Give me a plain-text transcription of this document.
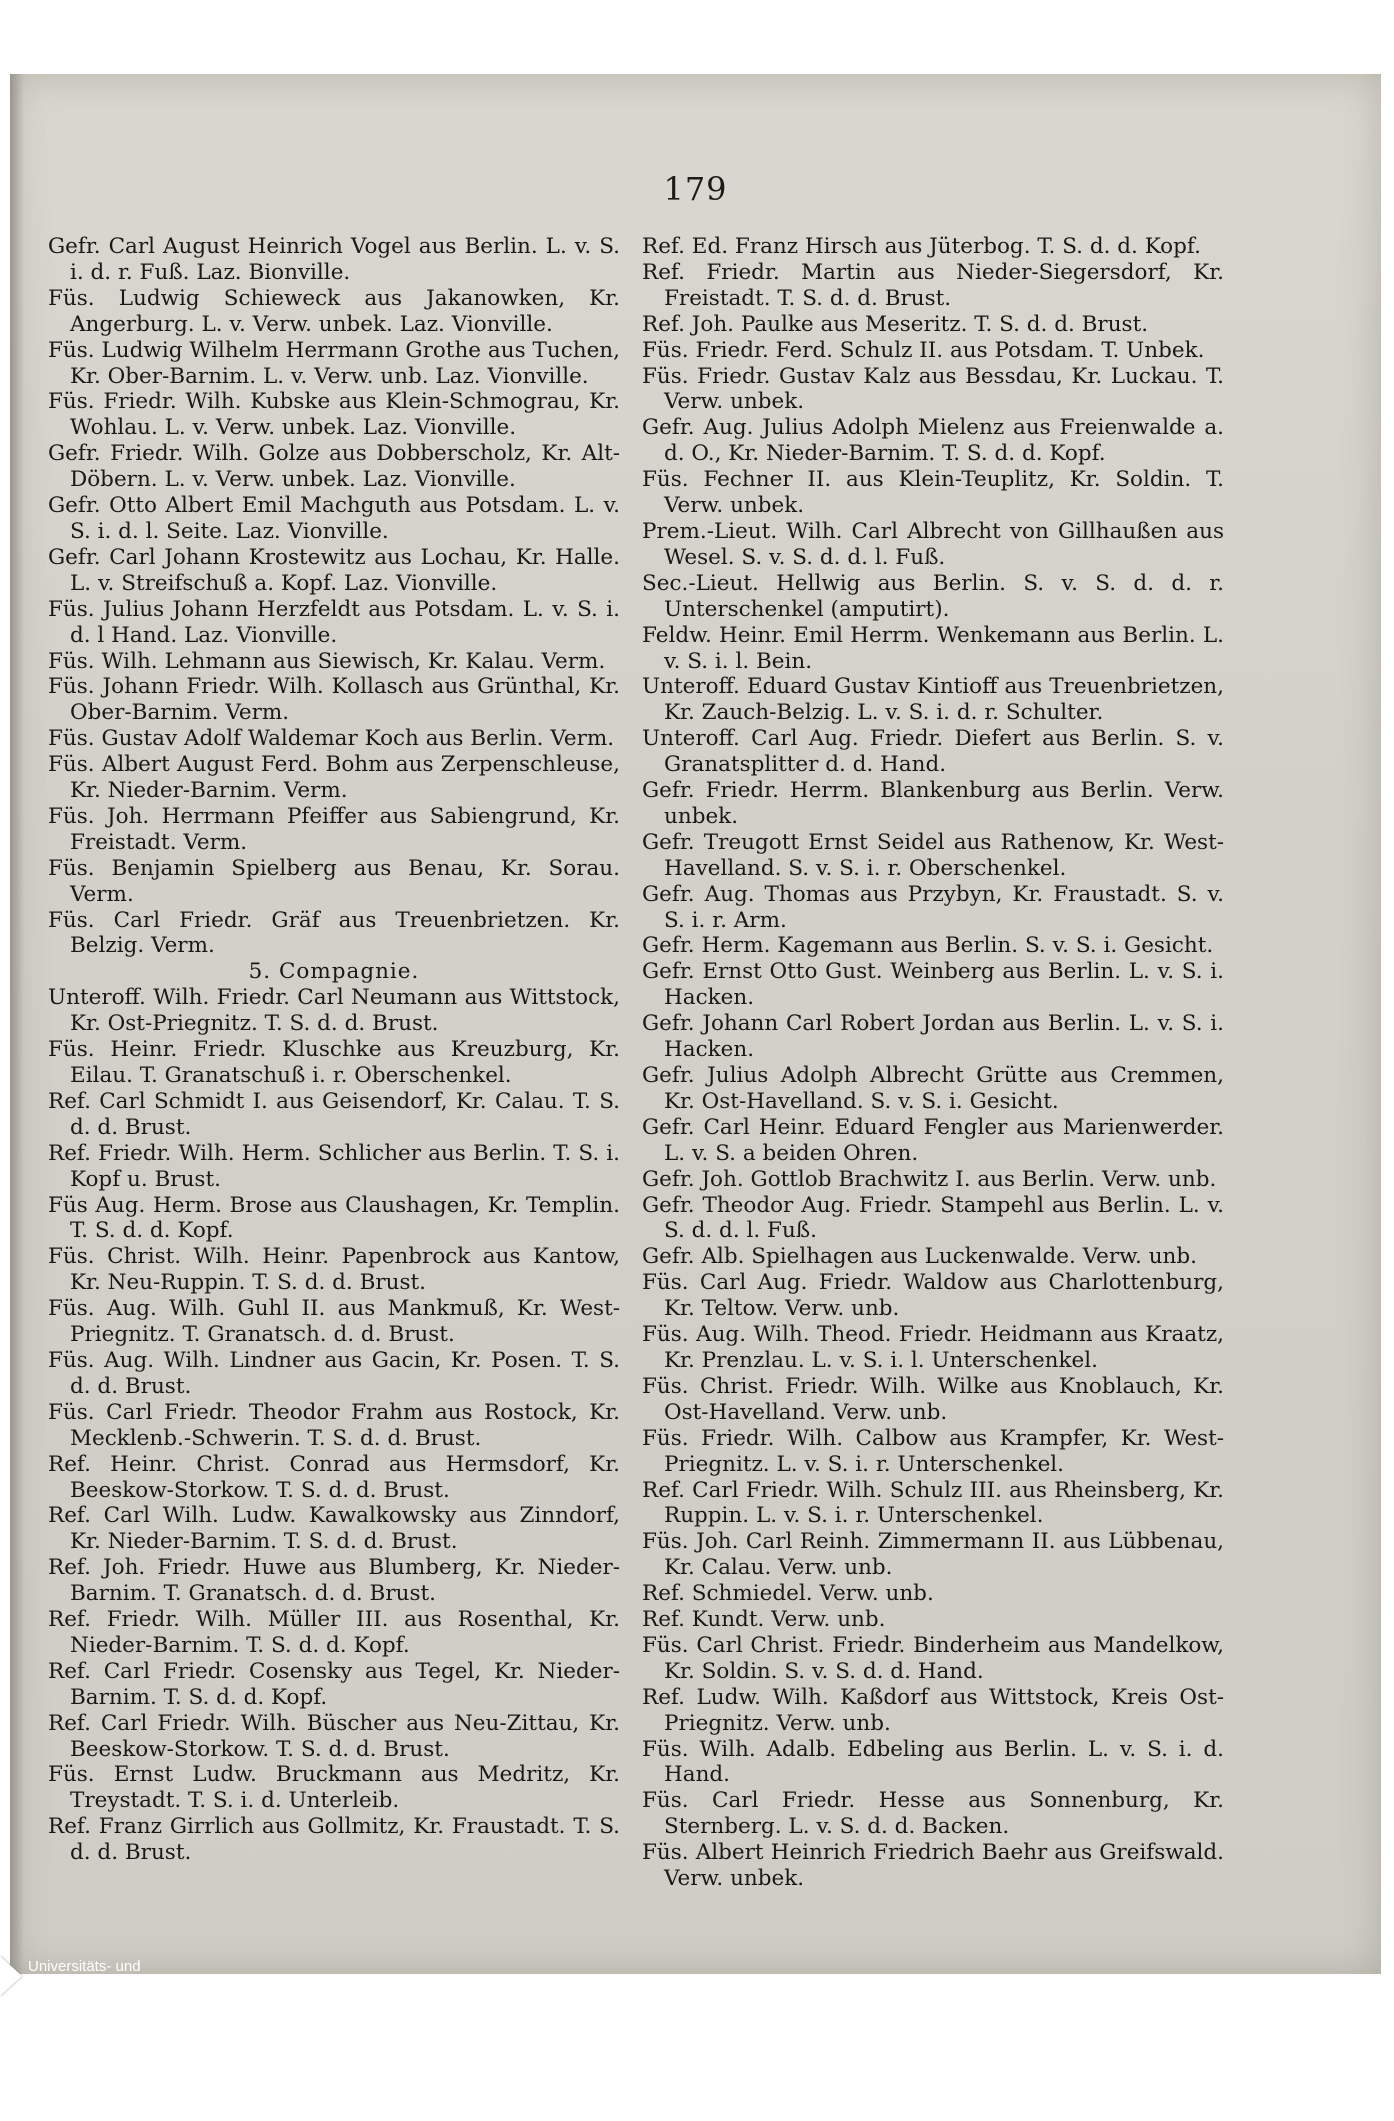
179

Gefr. Carl August Heinrich Vogel aus Berlin. L. v. S. i. d. r. Fuß. Laz. Bionville.

Füs. Ludwig Schieweck aus Jakanowken, Kr. Angerburg. L. v. Verw. unbek. Laz. Vionville.

Füs. Ludwig Wilhelm Herrmann Grothe aus Tuchen, Kr. Ober-Barnim. L. v. Verw. unb. Laz. Vionville.

Füs. Friedr. Wilh. Kubske aus Klein-Schmograu, Kr. Wohlau. L. v. Verw. unbek. Laz. Vionville.

Gefr. Friedr. Wilh. Golze aus Dobberscholz, Kr. Alt-Döbern. L. v. Verw. unbek. Laz. Vionville.

Gefr. Otto Albert Emil Machguth aus Potsdam. L. v. S. i. d. l. Seite. Laz. Vionville.

Gefr. Carl Johann Krostewitz aus Lochau, Kr. Halle. L. v. Streifschuß a. Kopf. Laz. Vionville.

Füs. Julius Johann Herzfeldt aus Potsdam. L. v. S. i. d. l Hand. Laz. Vionville.

Füs. Wilh. Lehmann aus Siewisch, Kr. Kalau. Verm.

Füs. Johann Friedr. Wilh. Kollasch aus Grünthal, Kr. Ober-Barnim. Verm.

Füs. Gustav Adolf Waldemar Koch aus Berlin. Verm.

Füs. Albert August Ferd. Bohm aus Zerpenschleuse, Kr. Nieder-Barnim. Verm.

Füs. Joh. Herrmann Pfeiffer aus Sabiengrund, Kr. Freistadt. Verm.

Füs. Benjamin Spielberg aus Benau, Kr. Sorau. Verm.

Füs. Carl Friedr. Gräf aus Treuenbrietzen. Kr. Belzig. Verm.

5. Compagnie.

Unteroff. Wilh. Friedr. Carl Neumann aus Wittstock, Kr. Ost-Priegnitz. T. S. d. d. Brust.

Füs. Heinr. Friedr. Kluschke aus Kreuzburg, Kr. Eilau. T. Granatschuß i. r. Oberschenkel.

Ref. Carl Schmidt I. aus Geisendorf, Kr. Calau. T. S. d. d. Brust.

Ref. Friedr. Wilh. Herm. Schlicher aus Berlin. T. S. i. Kopf u. Brust.

Füs Aug. Herm. Brose aus Claushagen, Kr. Templin. T. S. d. d. Kopf.

Füs. Christ. Wilh. Heinr. Papenbrock aus Kantow, Kr. Neu-Ruppin. T. S. d. d. Brust.

Füs. Aug. Wilh. Guhl II. aus Mankmuß, Kr. West-Priegnitz. T. Granatsch. d. d. Brust.

Füs. Aug. Wilh. Lindner aus Gacin, Kr. Posen. T. S. d. d. Brust.

Füs. Carl Friedr. Theodor Frahm aus Rostock, Kr. Mecklenb.-Schwerin. T. S. d. d. Brust.

Ref. Heinr. Christ. Conrad aus Hermsdorf, Kr. Beeskow-Storkow. T. S. d. d. Brust.

Ref. Carl Wilh. Ludw. Kawalkowsky aus Zinndorf, Kr. Nieder-Barnim. T. S. d. d. Brust.

Ref. Joh. Friedr. Huwe aus Blumberg, Kr. Nieder-Barnim. T. Granatsch. d. d. Brust.

Ref. Friedr. Wilh. Müller III. aus Rosenthal, Kr. Nieder-Barnim. T. S. d. d. Kopf.

Ref. Carl Friedr. Cosensky aus Tegel, Kr. Nieder-Barnim. T. S. d. d. Kopf.

Ref. Carl Friedr. Wilh. Büscher aus Neu-Zittau, Kr. Beeskow-Storkow. T. S. d. d. Brust.

Füs. Ernst Ludw. Bruckmann aus Medritz, Kr. Treystadt. T. S. i. d. Unterleib.

Ref. Franz Girrlich aus Gollmitz, Kr. Fraustadt. T. S. d. d. Brust.

Ref. Ed. Franz Hirsch aus Jüterbog. T. S. d. d. Kopf.

Ref. Friedr. Martin aus Nieder-Siegersdorf, Kr. Freistadt. T. S. d. d. Brust.

Ref. Joh. Paulke aus Meseritz. T. S. d. d. Brust.

Füs. Friedr. Ferd. Schulz II. aus Potsdam. T. Unbek.

Füs. Friedr. Gustav Kalz aus Bessdau, Kr. Luckau. T. Verw. unbek.

Gefr. Aug. Julius Adolph Mielenz aus Freienwalde a. d. O., Kr. Nieder-Barnim. T. S. d. d. Kopf.

Füs. Fechner II. aus Klein-Teuplitz, Kr. Soldin. T. Verw. unbek.

Prem.-Lieut. Wilh. Carl Albrecht von Gillhaußen aus Wesel. S. v. S. d. d. l. Fuß.

Sec.-Lieut. Hellwig aus Berlin. S. v. S. d. d. r. Unterschenkel (amputirt).

Feldw. Heinr. Emil Herrm. Wenkemann aus Berlin. L. v. S. i. l. Bein.

Unteroff. Eduard Gustav Kintioff aus Treuenbrietzen, Kr. Zauch-Belzig. L. v. S. i. d. r. Schulter.

Unteroff. Carl Aug. Friedr. Diefert aus Berlin. S. v. Granatsplitter d. d. Hand.

Gefr. Friedr. Herrm. Blankenburg aus Berlin. Verw. unbek.

Gefr. Treugott Ernst Seidel aus Rathenow, Kr. West-Havelland. S. v. S. i. r. Oberschenkel.

Gefr. Aug. Thomas aus Przybyn, Kr. Fraustadt. S. v. S. i. r. Arm.

Gefr. Herm. Kagemann aus Berlin. S. v. S. i. Gesicht.

Gefr. Ernst Otto Gust. Weinberg aus Berlin. L. v. S. i. Hacken.

Gefr. Johann Carl Robert Jordan aus Berlin. L. v. S. i. Hacken.

Gefr. Julius Adolph Albrecht Grütte aus Cremmen, Kr. Ost-Havelland. S. v. S. i. Gesicht.

Gefr. Carl Heinr. Eduard Fengler aus Marienwerder. L. v. S. a beiden Ohren.

Gefr. Joh. Gottlob Brachwitz I. aus Berlin. Verw. unb.

Gefr. Theodor Aug. Friedr. Stampehl aus Berlin. L. v. S. d. d. l. Fuß.

Gefr. Alb. Spielhagen aus Luckenwalde. Verw. unb.

Füs. Carl Aug. Friedr. Waldow aus Charlottenburg, Kr. Teltow. Verw. unb.

Füs. Aug. Wilh. Theod. Friedr. Heidmann aus Kraatz, Kr. Prenzlau. L. v. S. i. l. Unterschenkel.

Füs. Christ. Friedr. Wilh. Wilke aus Knoblauch, Kr. Ost-Havelland. Verw. unb.

Füs. Friedr. Wilh. Calbow aus Krampfer, Kr. West-Priegnitz. L. v. S. i. r. Unterschenkel.

Ref. Carl Friedr. Wilh. Schulz III. aus Rheinsberg, Kr. Ruppin. L. v. S. i. r. Unterschenkel.

Füs. Joh. Carl Reinh. Zimmermann II. aus Lübbenau, Kr. Calau. Verw. unb.

Ref. Schmiedel. Verw. unb.

Ref. Kundt. Verw. unb.

Füs. Carl Christ. Friedr. Binderheim aus Mandelkow, Kr. Soldin. S. v. S. d. d. Hand.

Ref. Ludw. Wilh. Kaßdorf aus Wittstock, Kreis Ost-Priegnitz. Verw. unb.

Füs. Wilh. Adalb. Edbeling aus Berlin. L. v. S. i. d. Hand.

Füs. Carl Friedr. Hesse aus Sonnenburg, Kr. Sternberg. L. v. S. d. d. Backen.

Füs. Albert Heinrich Friedrich Baehr aus Greifswald. Verw. unbek.

Universitäts- und
Landesbibliothek Düsseldorf
